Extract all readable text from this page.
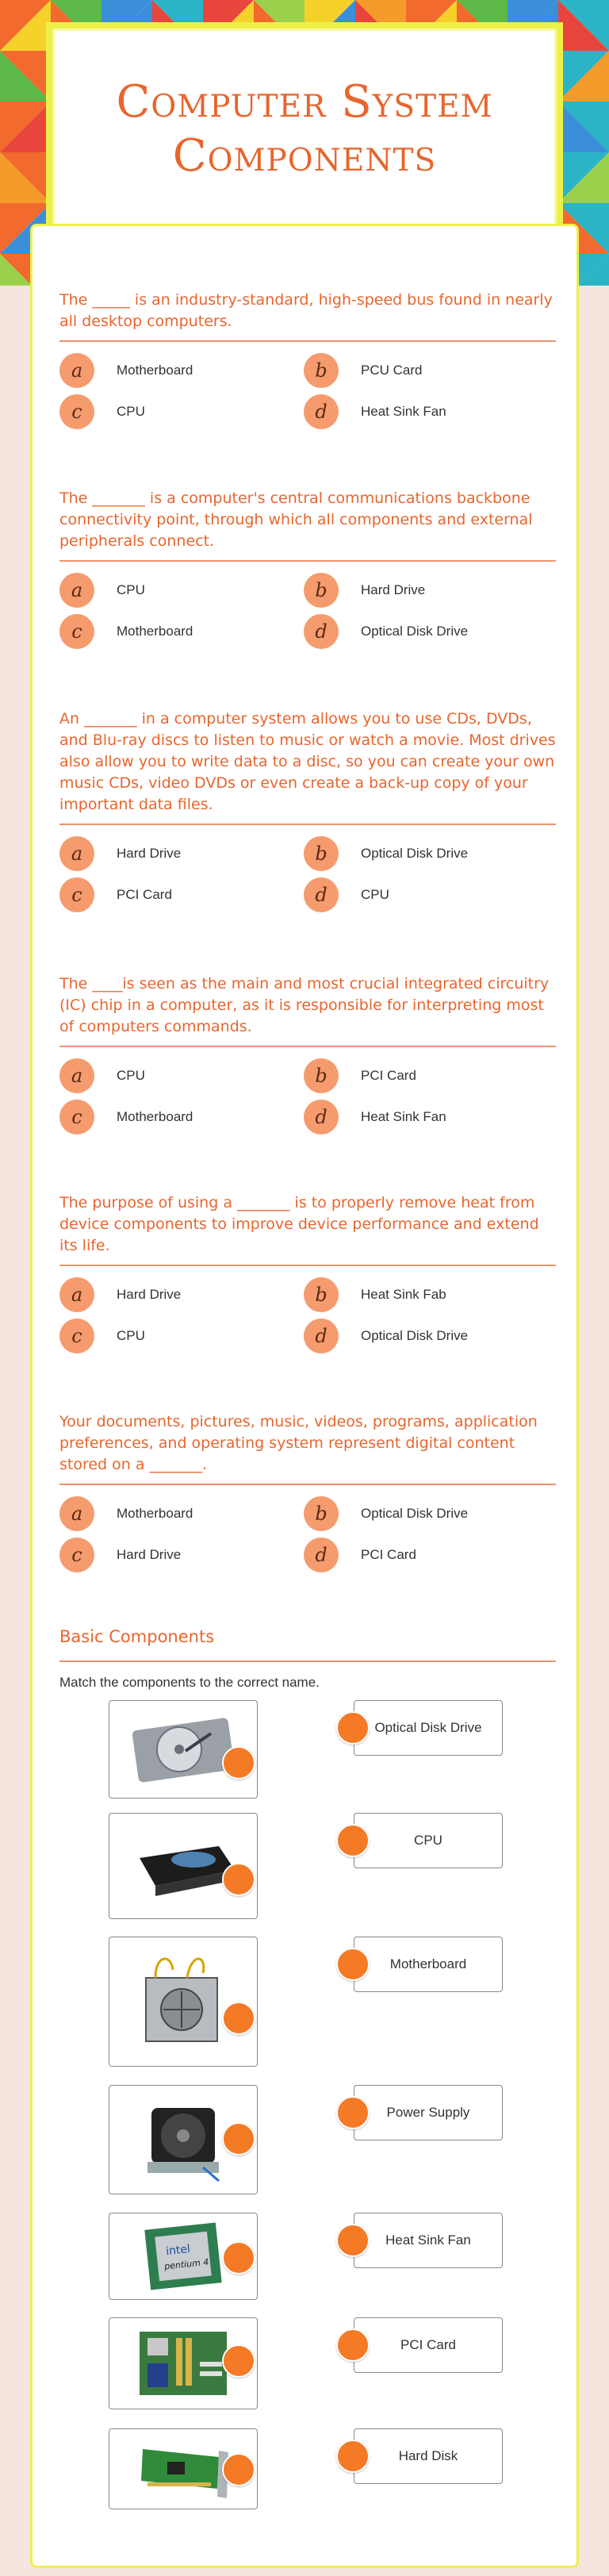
Computer System
Components
The _____ is an industry-standard, high-speed bus found in nearly all desktop computers.
a	Motherboard	b	PCU Card
c	CPU	d	Heat Sink Fan
The _______ is a computer's central communications backbone connectivity point, through which all components and external peripherals connect.
a	CPU	b	Hard Drive
c	Motherboard	d	Optical Disk Drive
An _______ in a computer system allows you to use CDs, DVDs, and Blu-ray discs to listen to music or watch a movie. Most drives also allow you to write data to a disc, so you can create your own music CDs, video DVDs or even create a back-up copy of your important data files.
a	Hard Drive	b	Optical Disk Drive
c	PCI Card	d	CPU
The ____is seen as the main and most crucial integrated circuitry (IC) chip in a computer, as it is responsible for interpreting most of computers commands.
a	CPU	b	PCI Card
c	Motherboard	d	Heat Sink Fan
The purpose of using a _______ is to properly remove heat from device components to improve device performance and extend its life.
a	Hard Drive	b	Heat Sink Fab
c	CPU	d	Optical Disk Drive
Your documents, pictures, music, videos, programs, application preferences, and operating system represent digital content stored on a _______.
a	Motherboard	b	Optical Disk Drive
c	Hard Drive	d	PCI Card
Basic Components
Match the components to the correct name.
intel
pentium 4
Optical Disk Drive
CPU
Motherboard
Power Supply
Heat Sink Fan
PCI Card
Hard Disk
